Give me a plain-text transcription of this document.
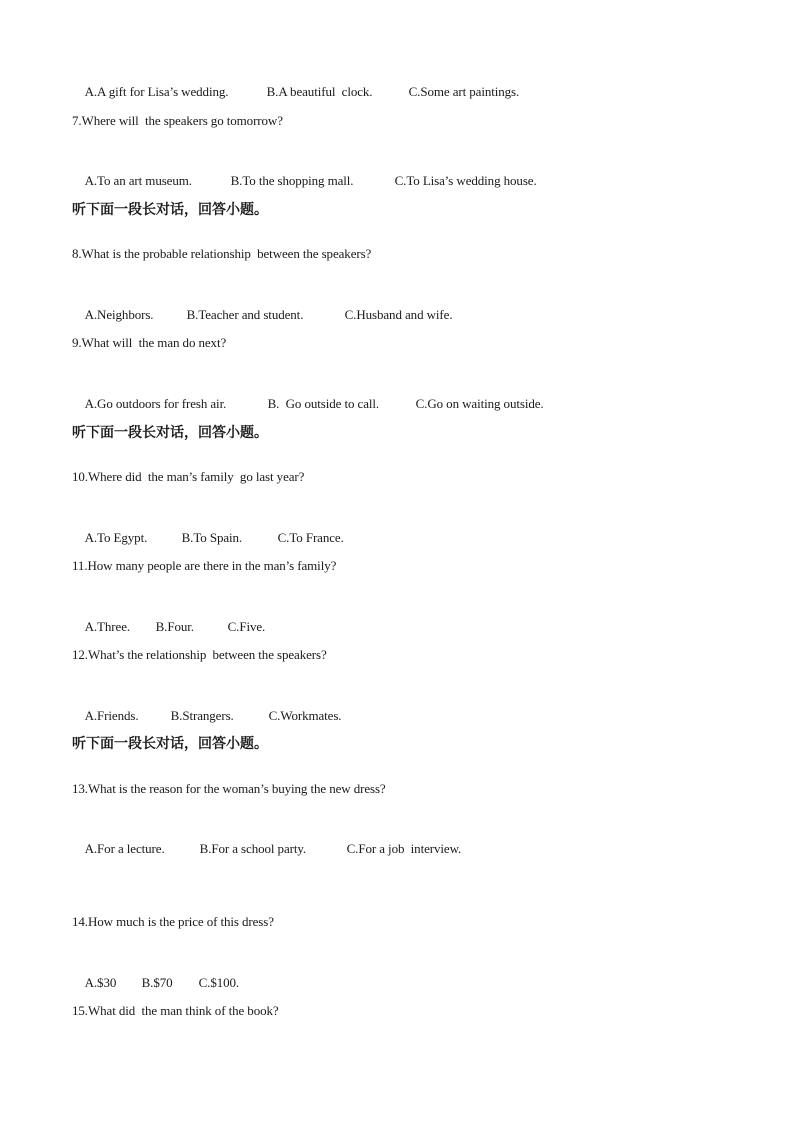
A.A gift for Lisa’s wedding.	B.A beautiful  clock.	C.Some art paintings.

7.Where will  the speakers go tomorrow?

A.To an art museum.	B.To the shopping mall.	C.To Lisa’s wedding house.

听下面一段长对话，回答小题。
8.What is the probable relationship  between the speakers?

A.Neighbors.	B.Teacher and student.	C.Husband and wife.

9.What will  the man do next?

A.Go outdoors for fresh air.	B.  Go outside to call.	C.Go on waiting outside.

听下面一段长对话，回答小题。
10.Where did  the man’s family  go last year?

A.To Egypt.	B.To Spain.	C.To France.

11.How many people are there in the man’s family?

A.Three. B.Four.	C.Five.

12.What’s the relationship  between the speakers?

A.Friends. B.Strangers.	C.Workmates.

听下面一段长对话，回答小题。
13.What is the reason for the woman’s buying the new dress?

A.For a lecture.	B.For a school party.	C.For a job  interview.

14.How much is the price of this dress?

A.$30 B.$70 C.$100.

15.What did  the man think of the book?
